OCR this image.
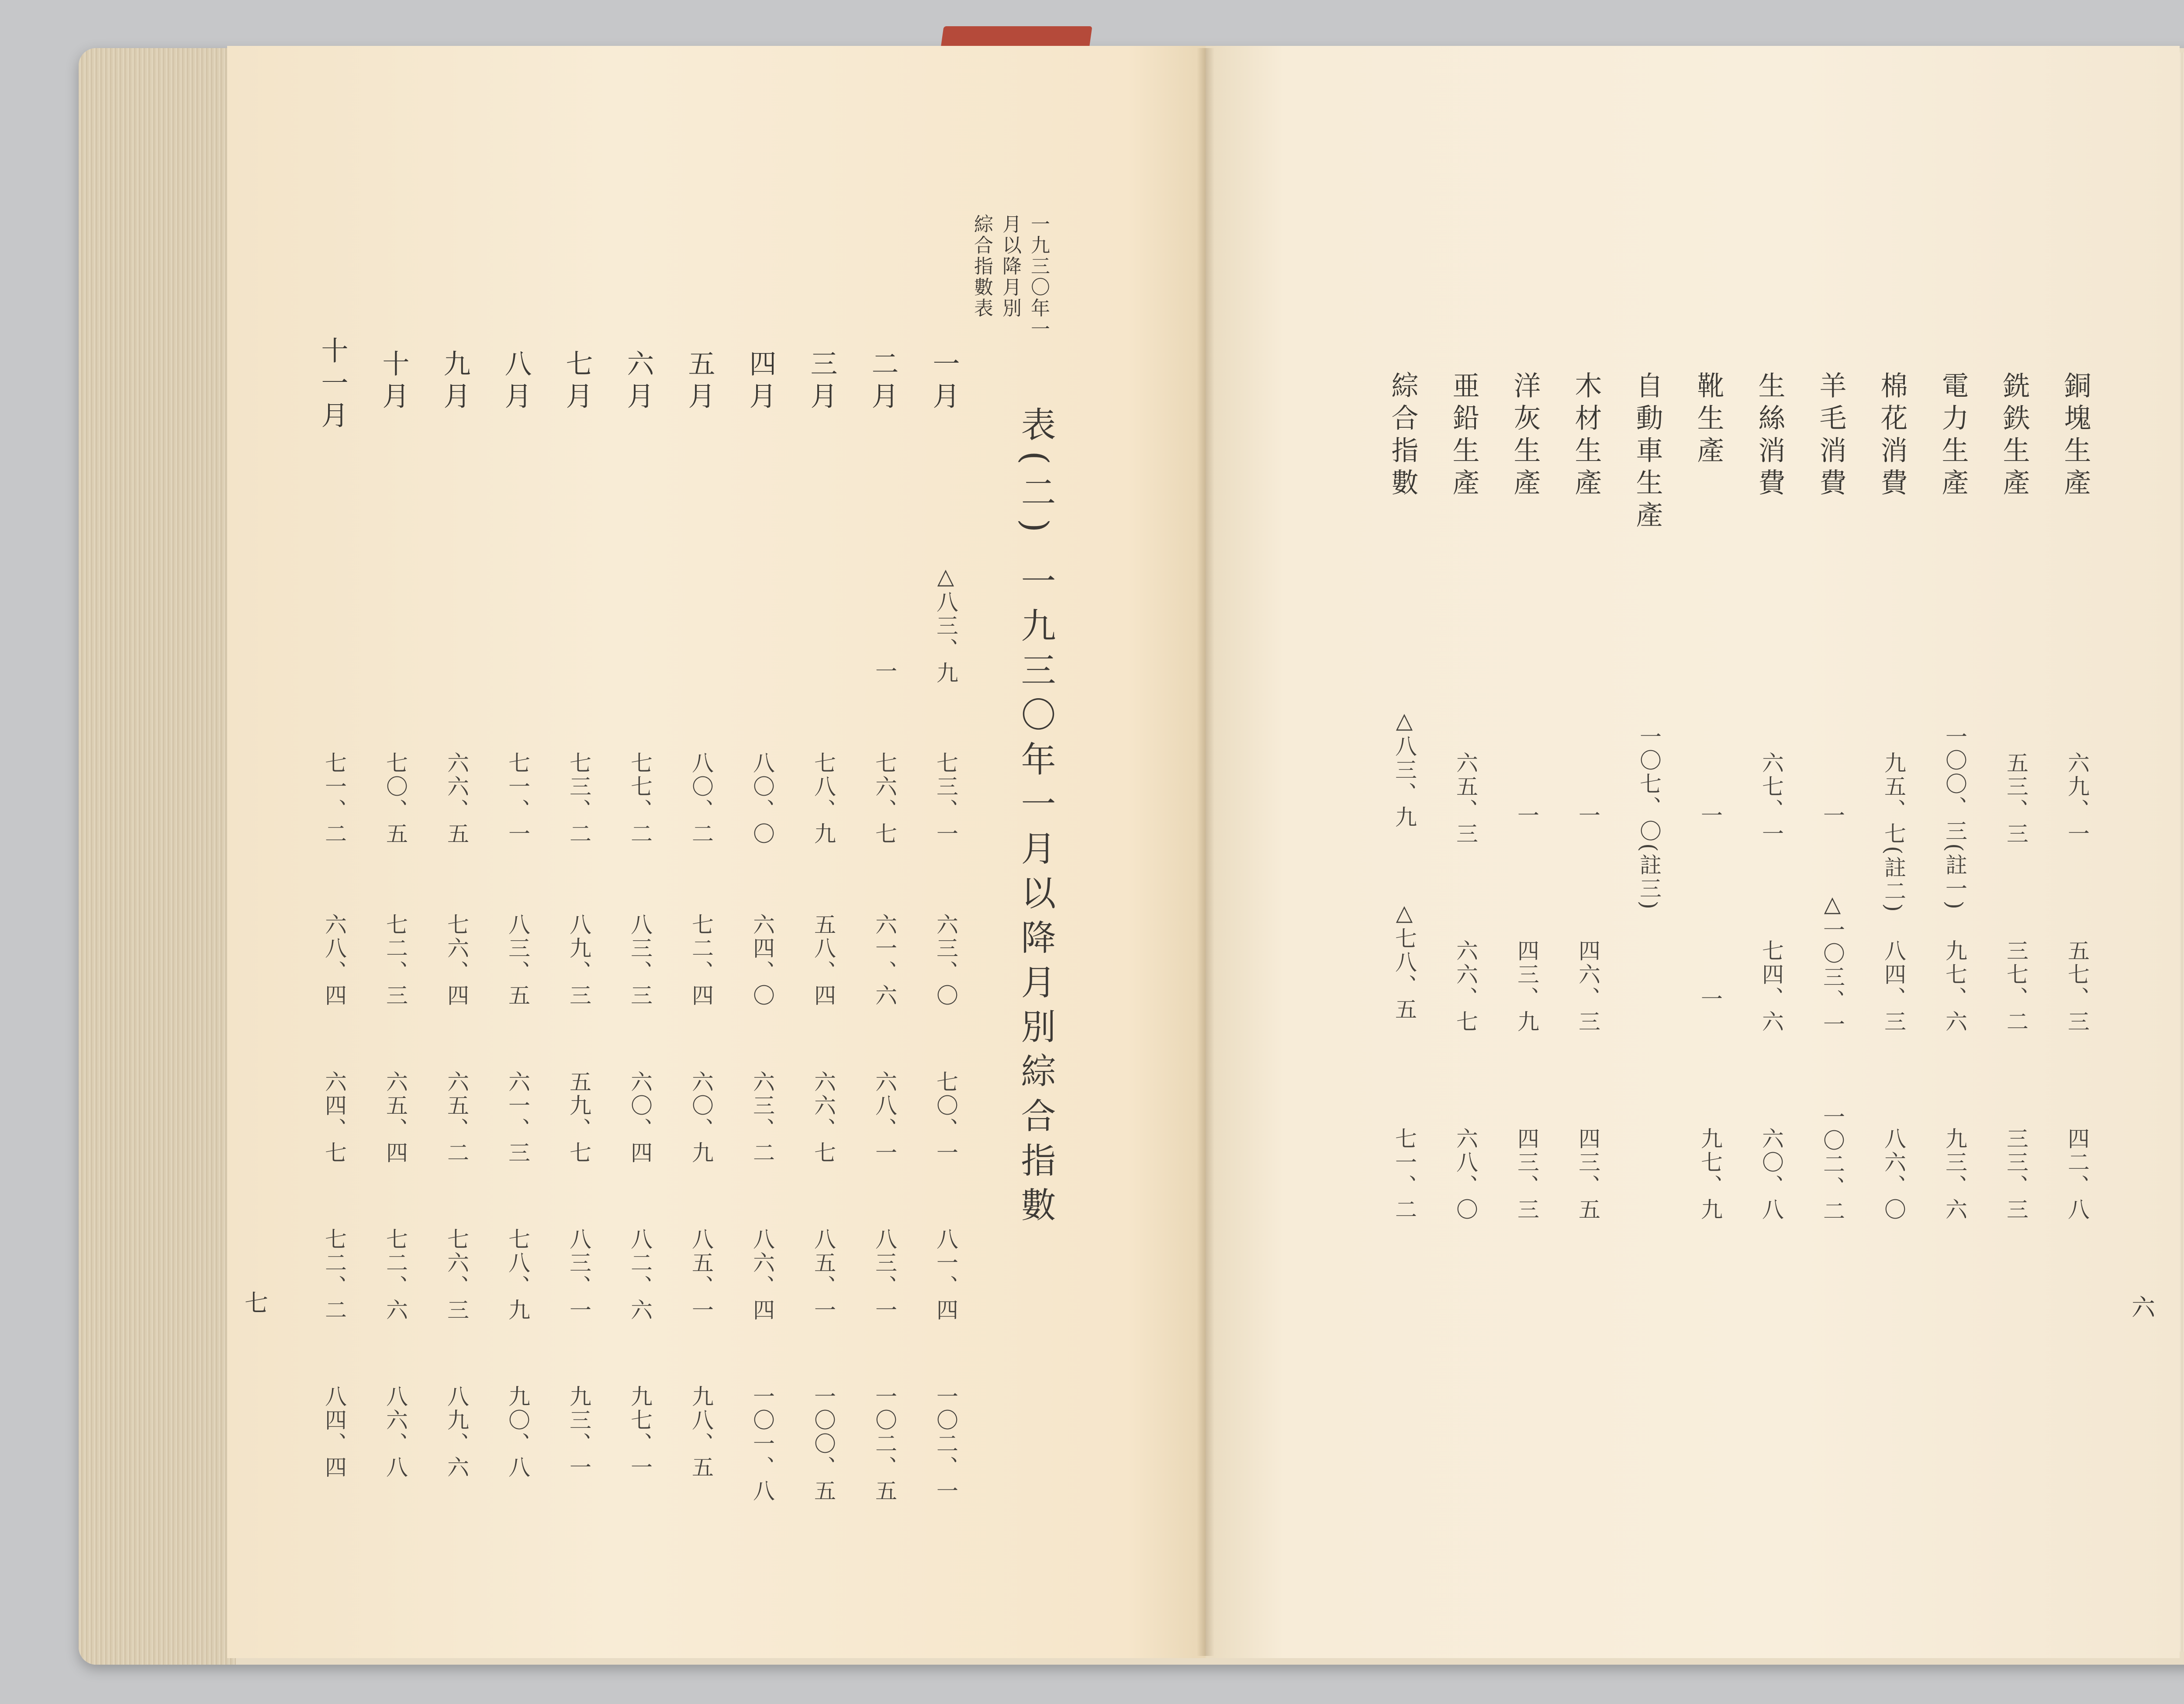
一九三〇年一
月以降月別
綜合指數表
表(二) 一九三〇年一月以降月別綜合指數
一月
二月
三月
四月
五月
六月
七月
八月
九月
十月
十一月
△八三、九
一
七三、一
七六、七
七八、九
八〇、〇
八〇、二
七七、二
七三、二
七一、一
六六、五
七〇、五
七一、二
六三、〇
六一、六
五八、四
六四、〇
七二、四
八三、三
八九、三
八三、五
七六、四
七二、三
六八、四
七〇、一
六八、一
六六、七
六三、二
六〇、九
六〇、四
五九、七
六一、三
六五、二
六五、四
六四、七
八一、四
八三、一
八五、一
八六、四
八五、一
八二、六
八三、一
七八、九
七六、三
七二、六
七二、二
一〇二、一
一〇二、五
一〇〇、五
一〇一、八
九八、五
九七、一
九三、一
九〇、八
八九、六
八六、八
八四、四
七
銅塊生產
銑鉄生產
電力生產
棉花消費
羊毛消費
生絲消費
靴生產
自動車生產
木材生產
洋灰生產
亜鉛生產
綜合指數
六九、一
五三、三
一〇〇、三(註一)
九五、七(註二)
一
六七、一
一
一〇七、〇(註三)
一
一
六五、三
△八三、九
五七、三
三七、二
九七、六
八四、三
△一〇三、一
七四、六
一
四六、三
四三、九
六六、七
△七八、五
四二、八
三三、三
九三、六
八六、〇
一〇二、二
六〇、八
九七、九
四三、五
四三、三
六八、〇
七一、二
六
